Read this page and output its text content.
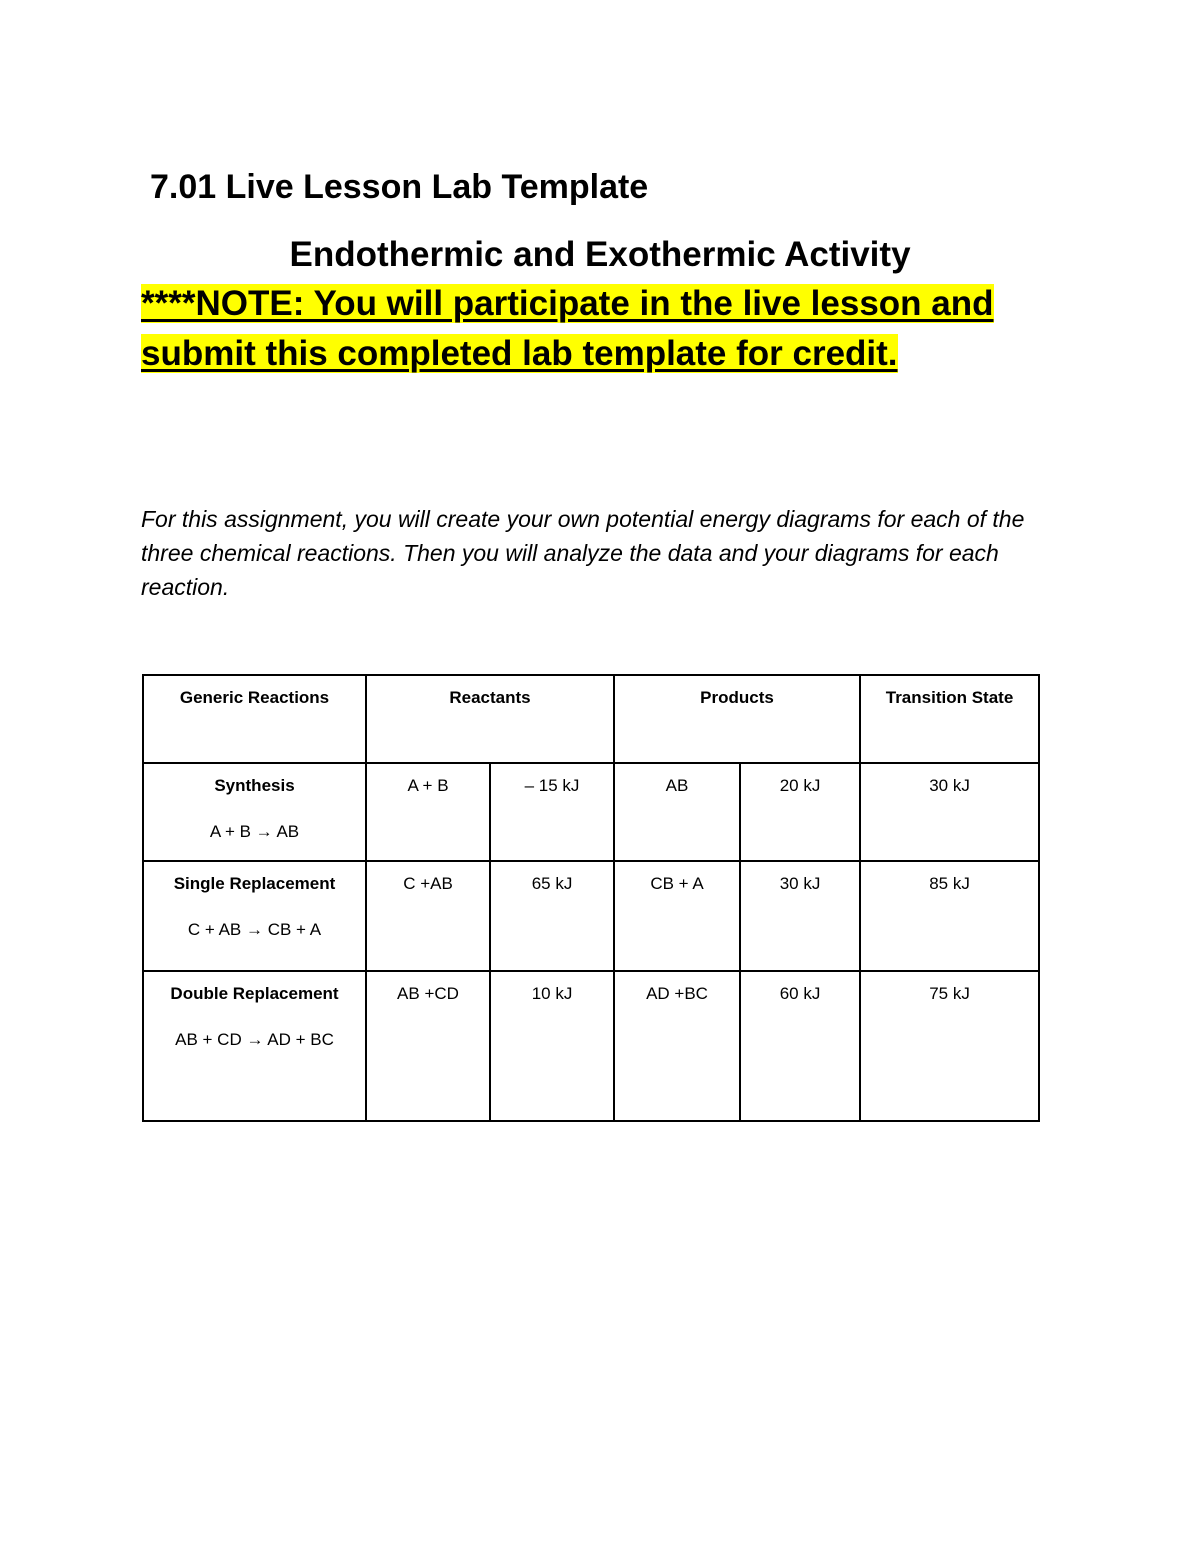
7.01 Live Lesson Lab Template
Endothermic and Exothermic Activity
****NOTE: You will participate in the live lesson and submit this completed lab template for credit.
For this assignment, you will create your own potential energy diagrams for each of the three chemical reactions. Then you will analyze the data and your diagrams for each reaction.
Generic Reactions	Reactants		Products		Transition State

Synthesis
A + B → AB	A + B	– 15 kJ	AB	20 kJ	30 kJ

Single Replacement
C + AB → CB + A	C +AB	65 kJ	CB + A	30 kJ	85 kJ

Double Replacement
AB + CD → AD + BC	AB +CD	10 kJ	AD +BC	60 kJ	75 kJ
